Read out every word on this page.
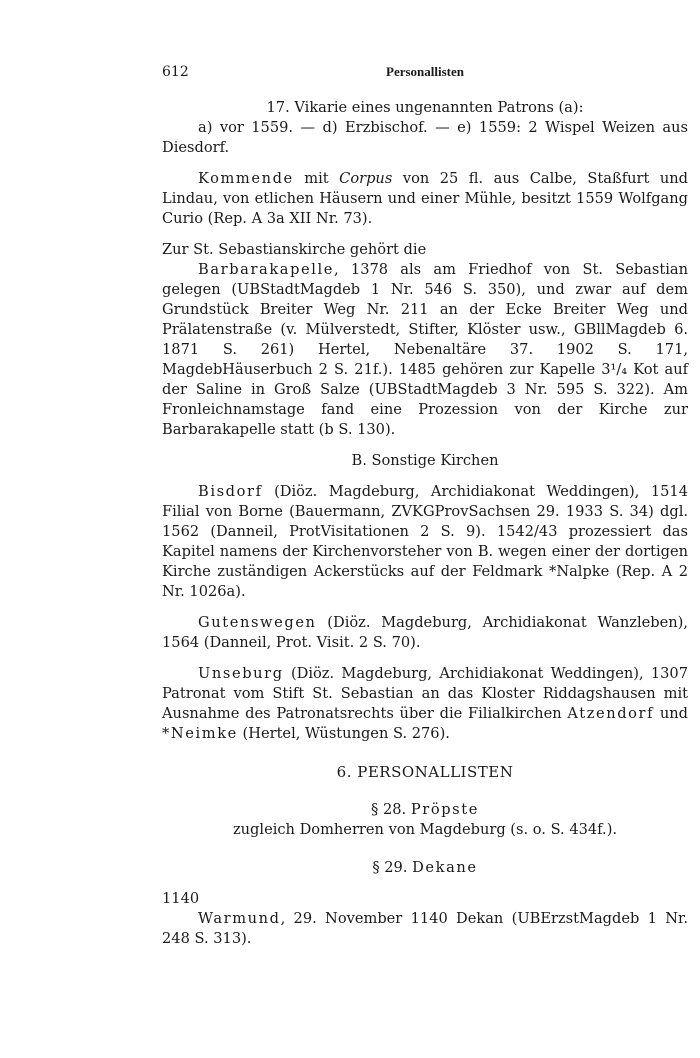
612	Personallisten

17. Vikarie eines ungenannten Patrons (a):

a) vor 1559. — d) Erzbischof. — e) 1559: 2 Wispel Weizen aus Diesdorf.

Kommende mit Corpus von 25 fl. aus Calbe, Staßfurt und Lindau, von etlichen Häusern und einer Mühle, besitzt 1559 Wolfgang Curio (Rep. A 3a XII Nr. 73).

Zur St. Sebastianskirche gehört die

Barbarakapelle, 1378 als am Friedhof von St. Sebastian gelegen (UBStadtMagdeb 1 Nr. 546 S. 350), und zwar auf dem Grundstück Breiter Weg Nr. 211 an der Ecke Breiter Weg und Prälatenstraße (v. Mülverstedt, Stifter, Klöster usw., GBllMagdeb 6. 1871 S. 261) Hertel, Nebenaltäre 37. 1902 S. 171, MagdebHäuserbuch 2 S. 21f.). 1485 gehören zur Kapelle 3¹/₄ Kot auf der Saline in Groß Salze (UBStadtMagdeb 3 Nr. 595 S. 322). Am Fronleichnamstage fand eine Prozession von der Kirche zur Barbarakapelle statt (b S. 130).

B. Sonstige Kirchen

Bisdorf (Diöz. Magdeburg, Archidiakonat Weddingen), 1514 Filial von Borne (Bauermann, ZVKGProvSachsen 29. 1933 S. 34) dgl. 1562 (Danneil, ProtVisitationen 2 S. 9). 1542/43 prozessiert das Kapitel namens der Kirchenvorsteher von B. wegen einer der dortigen Kirche zuständigen Ackerstücks auf der Feldmark *Nalpke (Rep. A 2 Nr. 1026a).

Gutenswegen (Diöz. Magdeburg, Archidiakonat Wanzleben), 1564 (Danneil, Prot. Visit. 2 S. 70).

Unseburg (Diöz. Magdeburg, Archidiakonat Weddingen), 1307 Patronat vom Stift St. Sebastian an das Kloster Riddagshausen mit Ausnahme des Patronatsrechts über die Filialkirchen Atzendorf und *Neimke (Hertel, Wüstungen S. 276).

6. PERSONALLISTEN

§ 28. Pröpste

zugleich Domherren von Magdeburg (s. o. S. 434f.).

§ 29. Dekane

1140

Warmund, 29. November 1140 Dekan (UBErzstMagdeb 1 Nr. 248 S. 313).
